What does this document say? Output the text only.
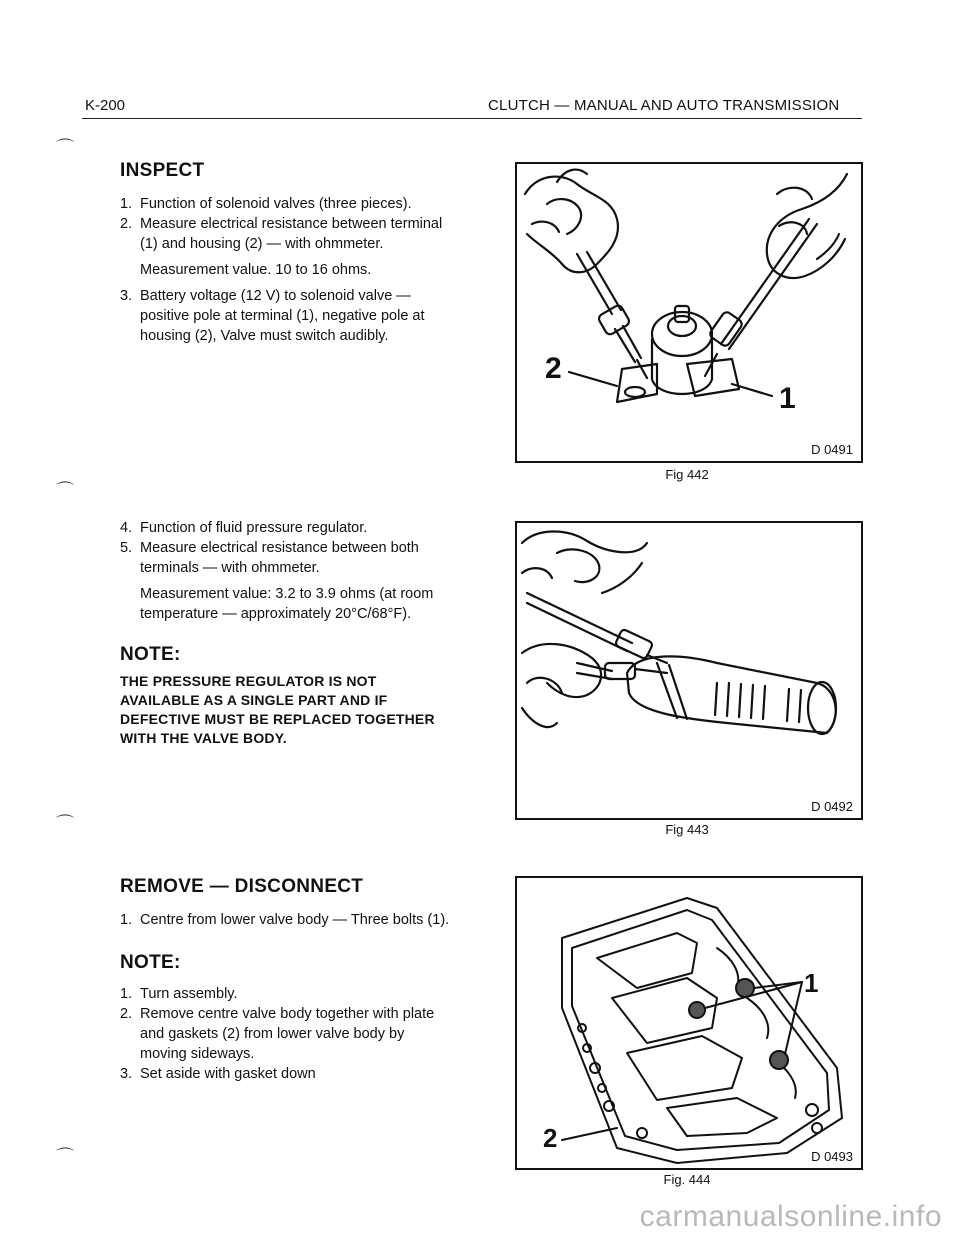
K-200	CLUTCH — MANUAL AND AUTO TRANSMISSION
⌒
⌒
⌒
⌒
INSPECT
1. Function of solenoid valves (three pieces).
2. Measure electrical resistance between terminal (1) and housing (2) — with ohmmeter.
Measurement value. 10 to 16 ohms.
3. Battery voltage (12 V) to solenoid valve — positive pole at terminal (1), negative pole at housing (2), Valve must switch audibly.
4. Function of fluid pressure regulator.
5. Measure electrical resistance between both terminals — with ohmmeter.
Measurement value: 3.2 to 3.9 ohms (at room temperature — approximately 20°C/68°F).
NOTE:
THE PRESSURE REGULATOR IS NOT AVAILABLE AS A SINGLE PART AND IF DEFECTIVE MUST BE REPLACED TOGETHER WITH THE VALVE BODY.
REMOVE — DISCONNECT
1. Centre from lower valve body — Three bolts (1).
NOTE:
1. Turn assembly.
2. Remove centre valve body together with plate and gaskets (2) from lower valve body by moving sideways.
3. Set aside with gasket down
2
1
D 0491
Fig 442
D 0492
Fig 443
1
2
D 0493
Fig. 444
carmanualsonline.info
